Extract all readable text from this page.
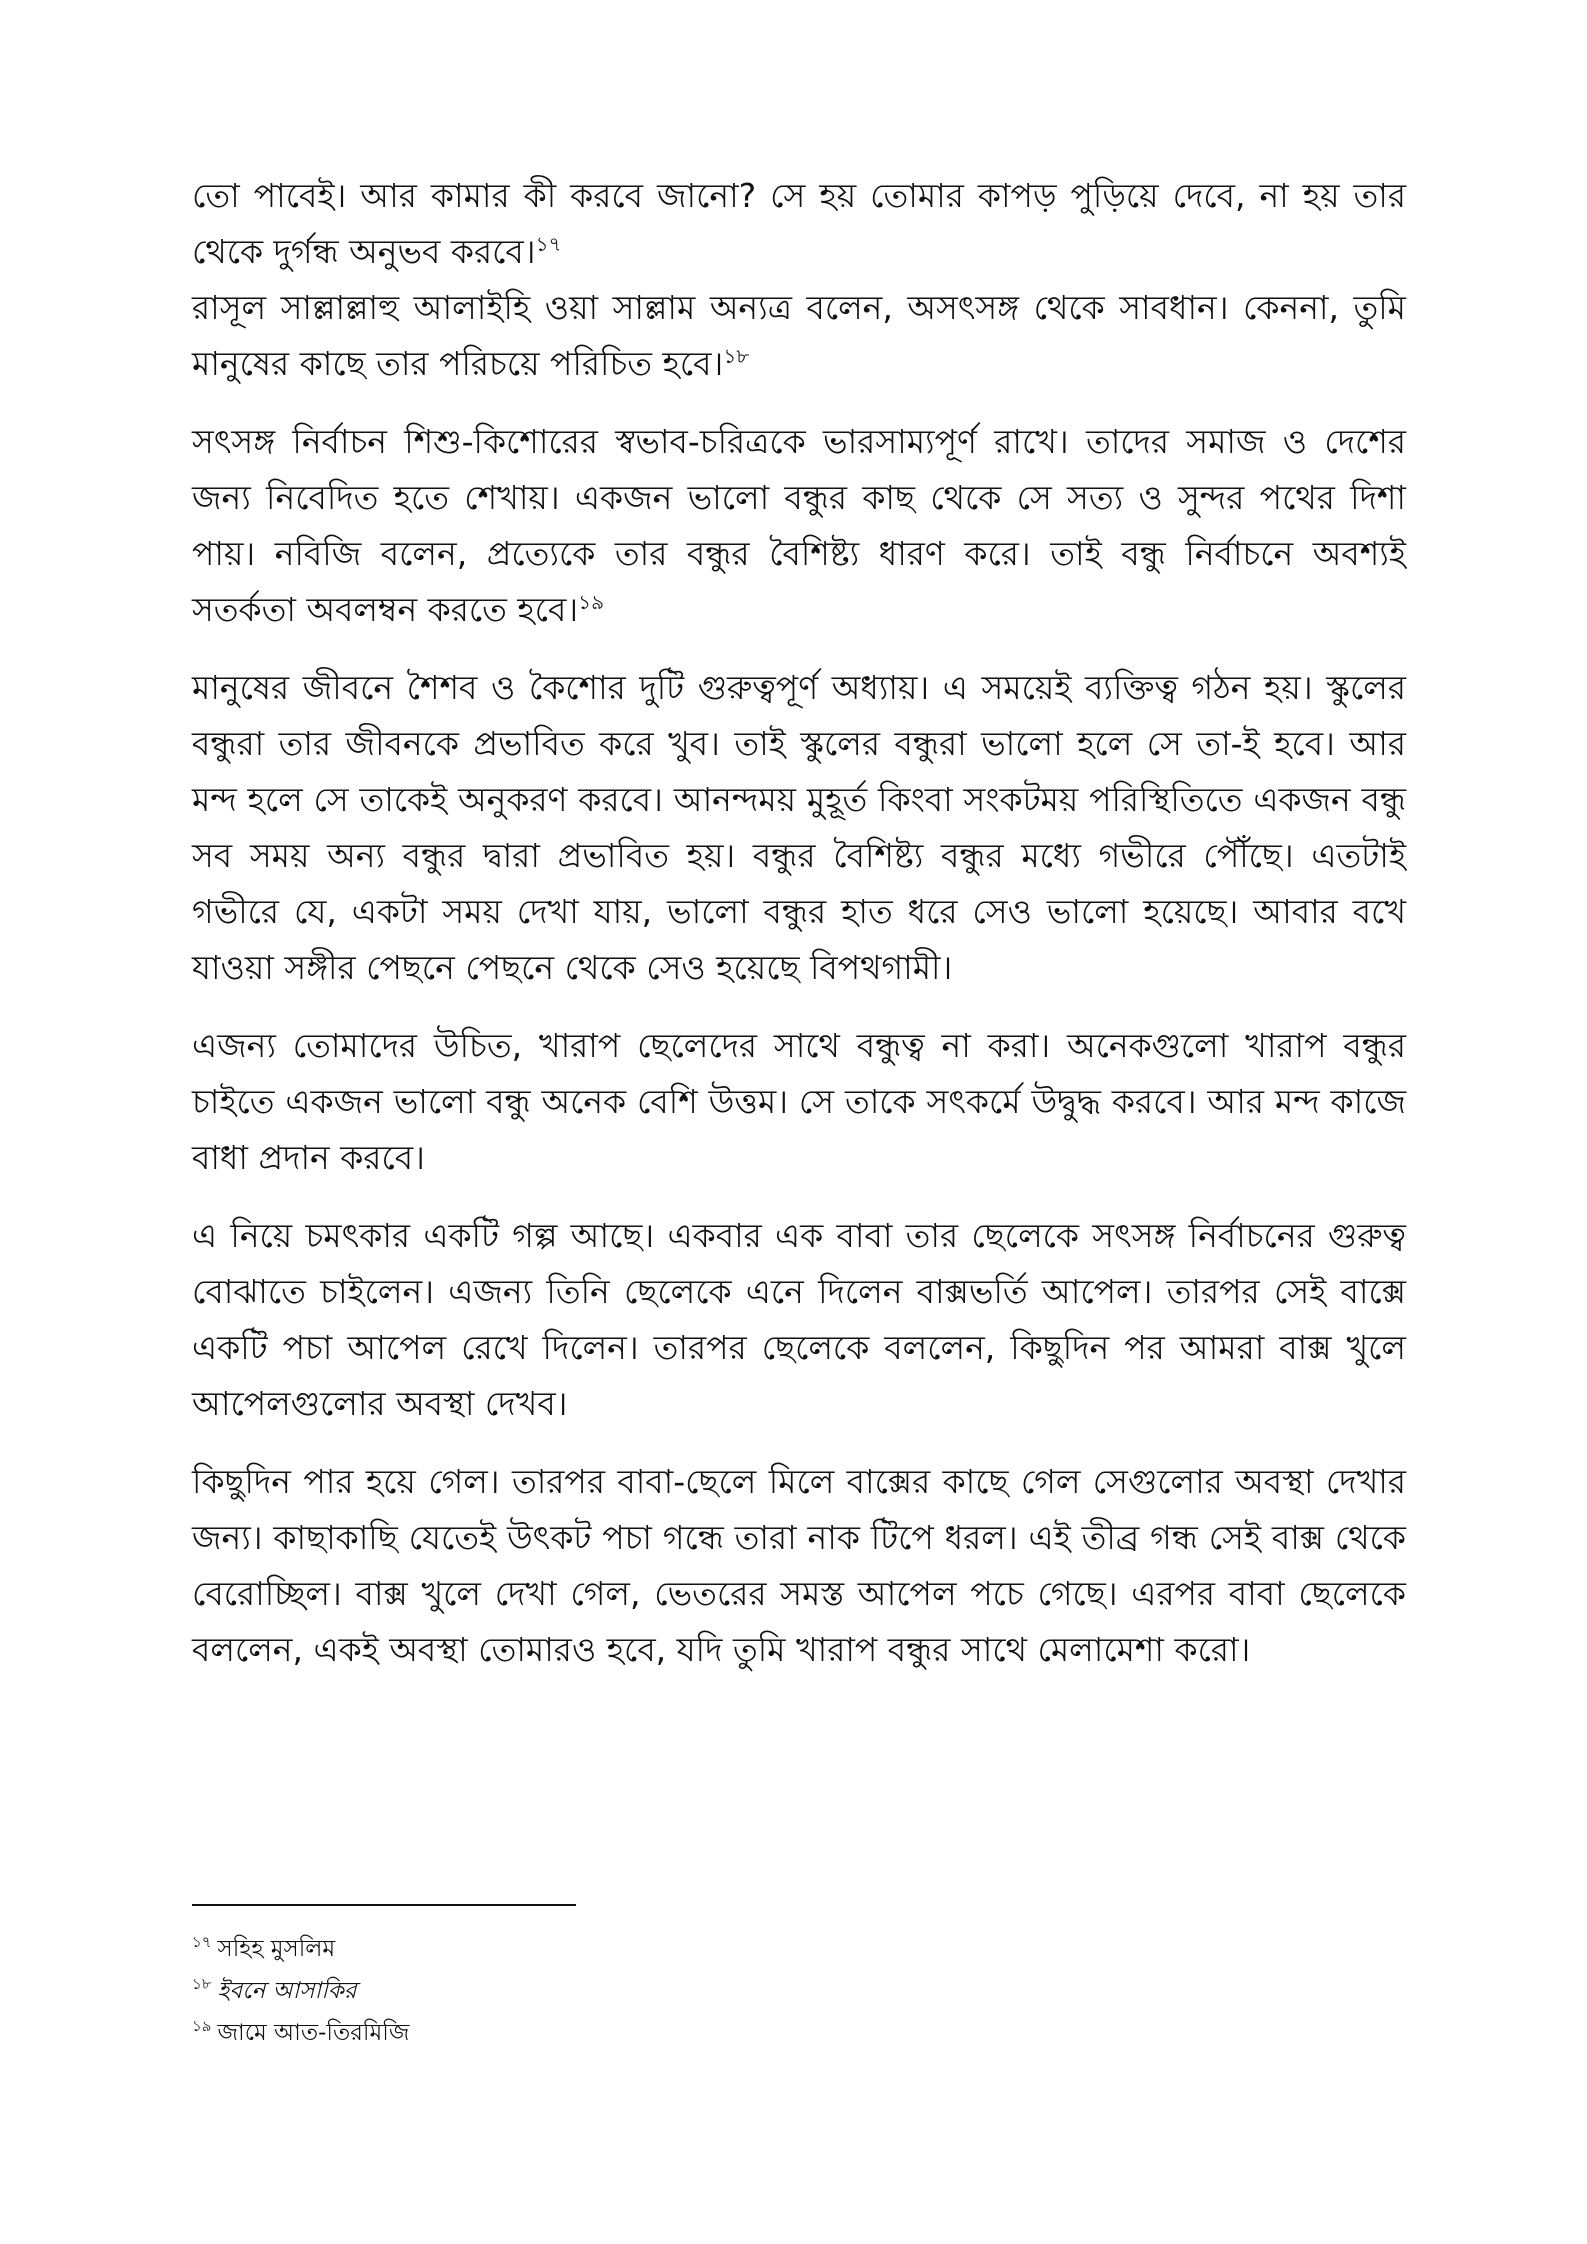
তো পাবেই। আর কামার কী করবে জানো? সে হয় তোমার কাপড় পুড়িয়ে দেবে, না হয় তার থেকে দুর্গন্ধ অনুভব করবে।$^{১৭}$

রাসূল সাল্লাল্লাহু আলাইহি ওয়া সাল্লাম অন্যত্র বলেন, অসৎসঙ্গ থেকে সাবধান। কেননা, তুমি মানুষের কাছে তার পরিচয়ে পরিচিত হবে।$^{১৮}$

সৎসঙ্গ নির্বাচন শিশু-কিশোরের স্বভাব-চরিত্রকে ভারসাম্যপূর্ণ রাখে। তাদের সমাজ ও দেশের জন্য নিবেদিত হতে শেখায়। একজন ভালো বন্ধুর কাছ থেকে সে সত্য ও সুন্দর পথের দিশা পায়। নবিজি বলেন, প্রত্যেকে তার বন্ধুর বৈশিষ্ট্য ধারণ করে। তাই বন্ধু নির্বাচনে অবশ্যই সতর্কতা অবলম্বন করতে হবে।$^{১৯}$

মানুষের জীবনে শৈশব ও কৈশোর দুটি গুরুত্বপূর্ণ অধ্যায়। এ সময়েই ব্যক্তিত্ব গঠন হয়। স্কুলের বন্ধুরা তার জীবনকে প্রভাবিত করে খুব। তাই স্কুলের বন্ধুরা ভালো হলে সে তা-ই হবে। আর মন্দ হলে সে তাকেই অনুকরণ করবে। আনন্দময় মুহূর্ত কিংবা সংকটময় পরিস্থিতিতে একজন বন্ধু সব সময় অন্য বন্ধুর দ্বারা প্রভাবিত হয়। বন্ধুর বৈশিষ্ট্য বন্ধুর মধ্যে গভীরে পৌঁছে। এতটাই গভীরে যে, একটা সময় দেখা যায়, ভালো বন্ধুর হাত ধরে সেও ভালো হয়েছে। আবার বখে যাওয়া সঙ্গীর পেছনে পেছনে থেকে সেও হয়েছে বিপথগামী।

এজন্য তোমাদের উচিত, খারাপ ছেলেদের সাথে বন্ধুত্ব না করা। অনেকগুলো খারাপ বন্ধুর চাইতে একজন ভালো বন্ধু অনেক বেশি উত্তম। সে তাকে সৎকর্মে উদ্বুদ্ধ করবে। আর মন্দ কাজে বাধা প্রদান করবে।

এ নিয়ে চমৎকার একটি গল্প আছে। একবার এক বাবা তার ছেলেকে সৎসঙ্গ নির্বাচনের গুরুত্ব বোঝাতে চাইলেন। এজন্য তিনি ছেলেকে এনে দিলেন বাক্সভর্তি আপেল। তারপর সেই বাক্সে একটি পচা আপেল রেখে দিলেন। তারপর ছেলেকে বললেন, কিছুদিন পর আমরা বাক্স খুলে আপেলগুলোর অবস্থা দেখব।

কিছুদিন পার হয়ে গেল। তারপর বাবা-ছেলে মিলে বাক্সের কাছে গেল সেগুলোর অবস্থা দেখার জন্য। কাছাকাছি যেতেই উৎকট পচা গন্ধে তারা নাক টিপে ধরল। এই তীব্র গন্ধ সেই বাক্স থেকে বেরোচ্ছিল। বাক্স খুলে দেখা গেল, ভেতরের সমস্ত আপেল পচে গেছে। এরপর বাবা ছেলেকে বললেন, একই অবস্থা তোমারও হবে, যদি তুমি খারাপ বন্ধুর সাথে মেলামেশা করো।

$^{১৭}$ সহিহ মুসলিম
$^{১৮}$ ইবনে আসাকির
$^{১৯}$ জামে আত-তিরমিজি
